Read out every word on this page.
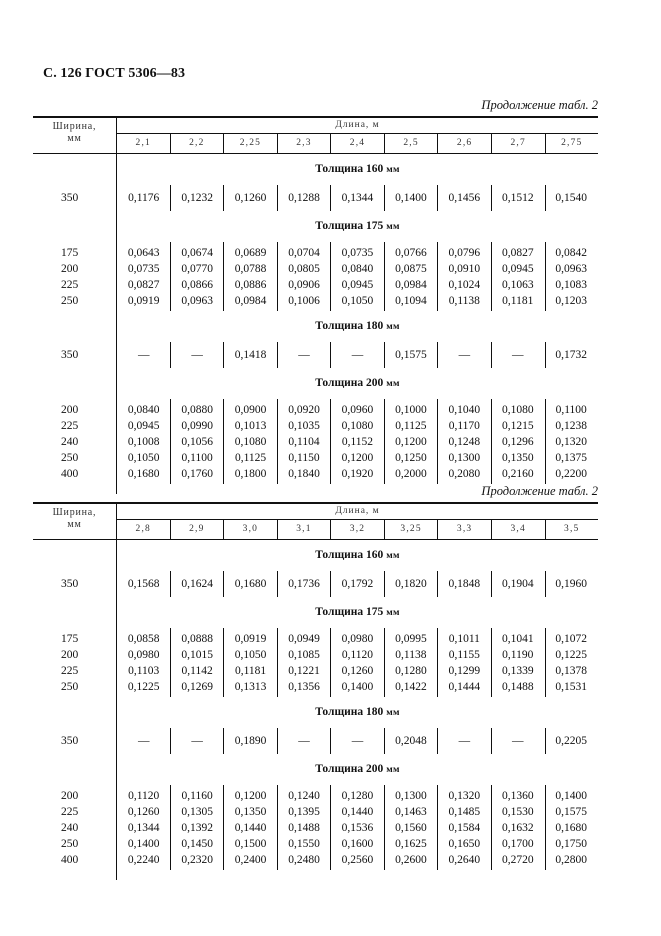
С. 126 ГОСТ 5306—83
Продолжение табл. 2
Ширина,
мм
Длина, м
2,1	2,2	2,25	2,3	2,4	2,5	2,6	2,7	2,75
Толщина 160 мм
350	0,1176	0,1232	0,1260	0,1288	0,1344	0,1400	0,1456	0,1512	0,1540
Толщина 175 мм
175	0,0643	0,0674	0,0689	0,0704	0,0735	0,0766	0,0796	0,0827	0,0842
200	0,0735	0,0770	0,0788	0,0805	0,0840	0,0875	0,0910	0,0945	0,0963
225	0,0827	0,0866	0,0886	0,0906	0,0945	0,0984	0,1024	0,1063	0,1083
250	0,0919	0,0963	0,0984	0,1006	0,1050	0,1094	0,1138	0,1181	0,1203
Толщина 180 мм
350	—	—	0,1418	—	—	0,1575	—	—	0,1732
Толщина 200 мм
200	0,0840	0,0880	0,0900	0,0920	0,0960	0,1000	0,1040	0,1080	0,1100
225	0,0945	0,0990	0,1013	0,1035	0,1080	0,1125	0,1170	0,1215	0,1238
240	0,1008	0,1056	0,1080	0,1104	0,1152	0,1200	0,1248	0,1296	0,1320
250	0,1050	0,1100	0,1125	0,1150	0,1200	0,1250	0,1300	0,1350	0,1375
400	0,1680	0,1760	0,1800	0,1840	0,1920	0,2000	0,2080	0,2160	0,2200
Продолжение табл. 2
Ширина,
мм
Длина, м
2,8	2,9	3,0	3,1	3,2	3,25	3,3	3,4	3,5
Толщина 160 мм
350	0,1568	0,1624	0,1680	0,1736	0,1792	0,1820	0,1848	0,1904	0,1960
Толщина 175 мм
175	0,0858	0,0888	0,0919	0,0949	0,0980	0,0995	0,1011	0,1041	0,1072
200	0,0980	0,1015	0,1050	0,1085	0,1120	0,1138	0,1155	0,1190	0,1225
225	0,1103	0,1142	0,1181	0,1221	0,1260	0,1280	0,1299	0,1339	0,1378
250	0,1225	0,1269	0,1313	0,1356	0,1400	0,1422	0,1444	0,1488	0,1531
Толщина 180 мм
350	—	—	0,1890	—	—	0,2048	—	—	0,2205
Толщина 200 мм
200	0,1120	0,1160	0,1200	0,1240	0,1280	0,1300	0,1320	0,1360	0,1400
225	0,1260	0,1305	0,1350	0,1395	0,1440	0,1463	0,1485	0,1530	0,1575
240	0,1344	0,1392	0,1440	0,1488	0,1536	0,1560	0,1584	0,1632	0,1680
250	0,1400	0,1450	0,1500	0,1550	0,1600	0,1625	0,1650	0,1700	0,1750
400	0,2240	0,2320	0,2400	0,2480	0,2560	0,2600	0,2640	0,2720	0,2800
